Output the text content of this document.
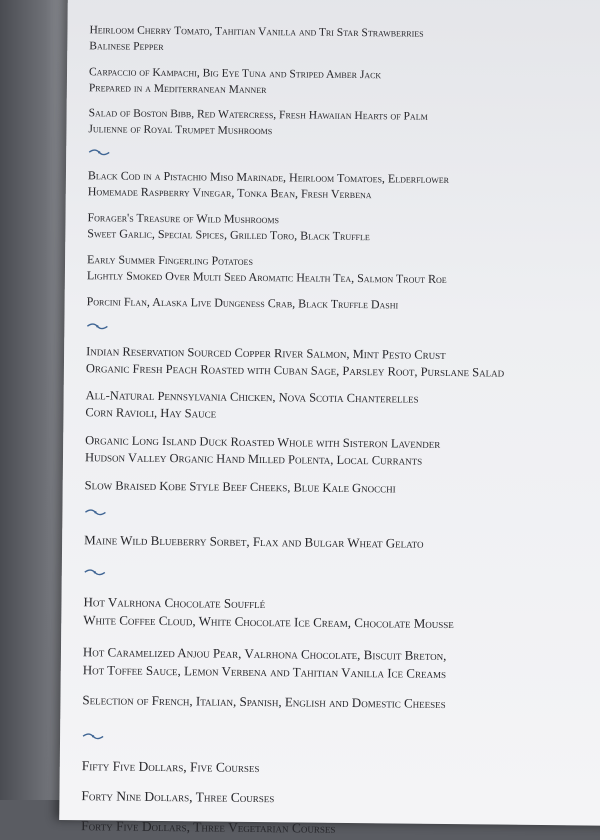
Heirloom Cherry Tomato, Tahitian Vanilla and Tri Star Strawberries
Balinese Pepper
Carpaccio of Kampachi, Big Eye Tuna and Striped Amber Jack
Prepared in a Mediterranean Manner
Salad of Boston Bibb, Red Watercress, Fresh Hawaiian Hearts of Palm
Julienne of Royal Trumpet Mushrooms
Black Cod in a Pistachio Miso Marinade, Heirloom Tomatoes, Elderflower
Homemade Raspberry Vinegar, Tonka Bean, Fresh Verbena
Forager's Treasure of Wild Mushrooms
Sweet Garlic, Special Spices, Grilled Toro, Black Truffle
Early Summer Fingerling Potatoes
Lightly Smoked Over Multi Seed Aromatic Health Tea, Salmon Trout Roe
Porcini Flan, Alaska Live Dungeness Crab, Black Truffle Dashi
Indian Reservation Sourced Copper River Salmon, Mint Pesto Crust
Organic Fresh Peach Roasted with Cuban Sage, Parsley Root, Purslane Salad
All-Natural Pennsylvania Chicken, Nova Scotia Chanterelles
Corn Ravioli, Hay Sauce
Organic Long Island Duck Roasted Whole with Sisteron Lavender
Hudson Valley Organic Hand Milled Polenta, Local Currants
Slow Braised Kobe Style Beef Cheeks, Blue Kale Gnocchi
Maine Wild Blueberry Sorbet, Flax and Bulgar Wheat Gelato
Hot Valrhona Chocolate Soufflé
White Coffee Cloud, White Chocolate Ice Cream, Chocolate Mousse
Hot Caramelized Anjou Pear, Valrhona Chocolate, Biscuit Breton,
Hot Toffee Sauce, Lemon Verbena and Tahitian Vanilla Ice Creams
Selection of French, Italian, Spanish, English and Domestic Cheeses
Fifty Five Dollars, Five Courses
Forty Nine Dollars, Three Courses
Forty Five Dollars, Three Vegetarian Courses
